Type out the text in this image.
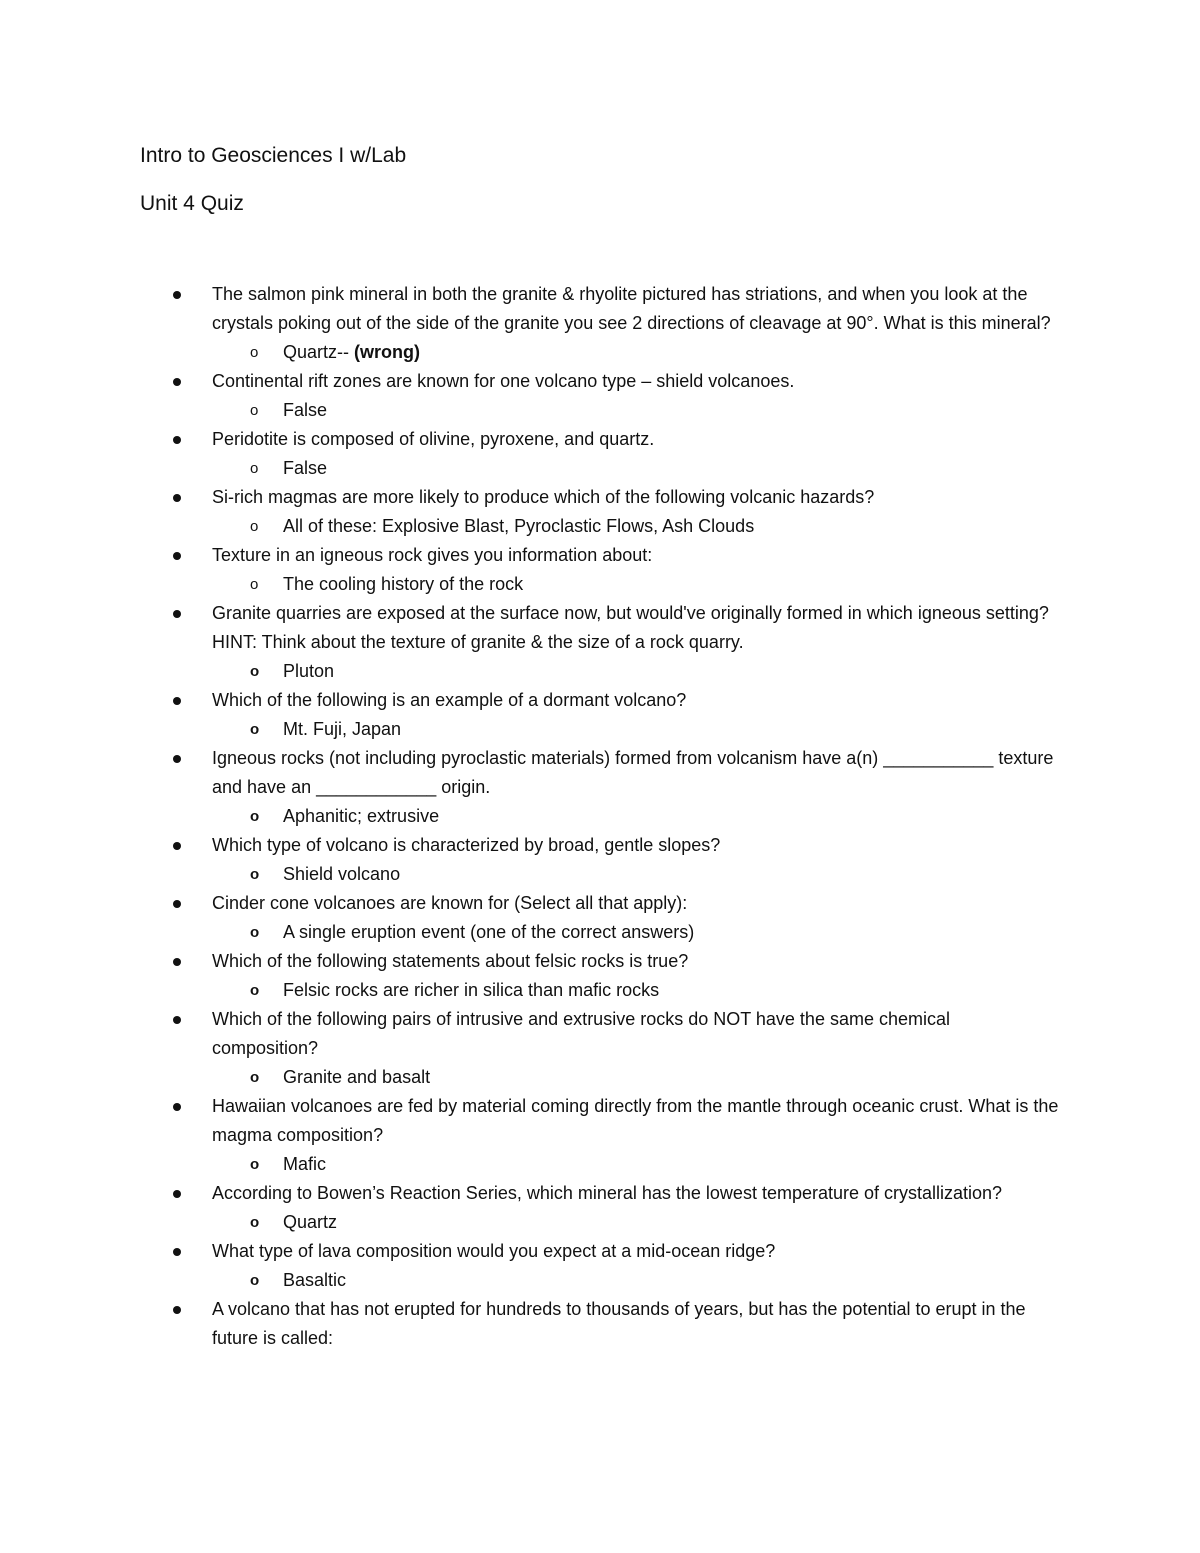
Intro to Geosciences I w/Lab
Unit 4 Quiz
The salmon pink mineral in both the granite & rhyolite pictured has striations, and when you look at the crystals poking out of the side of the granite you see 2 directions of cleavage at 90°. What is this mineral?
o Quartz-- (wrong)
Continental rift zones are known for one volcano type – shield volcanoes.
o False
Peridotite is composed of olivine, pyroxene, and quartz.
o False
Si-rich magmas are more likely to produce which of the following volcanic hazards?
o All of these: Explosive Blast, Pyroclastic Flows, Ash Clouds
Texture in an igneous rock gives you information about:
o The cooling history of the rock
Granite quarries are exposed at the surface now, but would've originally formed in which igneous setting? HINT: Think about the texture of granite & the size of a rock quarry.
o Pluton
Which of the following is an example of a dormant volcano?
o Mt. Fuji, Japan
Igneous rocks (not including pyroclastic materials) formed from volcanism have a(n) ___________ texture and have an ____________ origin.
o Aphanitic; extrusive
Which type of volcano is characterized by broad, gentle slopes?
o Shield volcano
Cinder cone volcanoes are known for (Select all that apply):
o A single eruption event (one of the correct answers)
Which of the following statements about felsic rocks is true?
o Felsic rocks are richer in silica than mafic rocks
Which of the following pairs of intrusive and extrusive rocks do NOT have the same chemical composition?
o Granite and basalt
Hawaiian volcanoes are fed by material coming directly from the mantle through oceanic crust. What is the magma composition?
o Mafic
According to Bowen’s Reaction Series, which mineral has the lowest temperature of crystallization?
o Quartz
What type of lava composition would you expect at a mid-ocean ridge?
o Basaltic
A volcano that has not erupted for hundreds to thousands of years, but has the potential to erupt in the future is called:
